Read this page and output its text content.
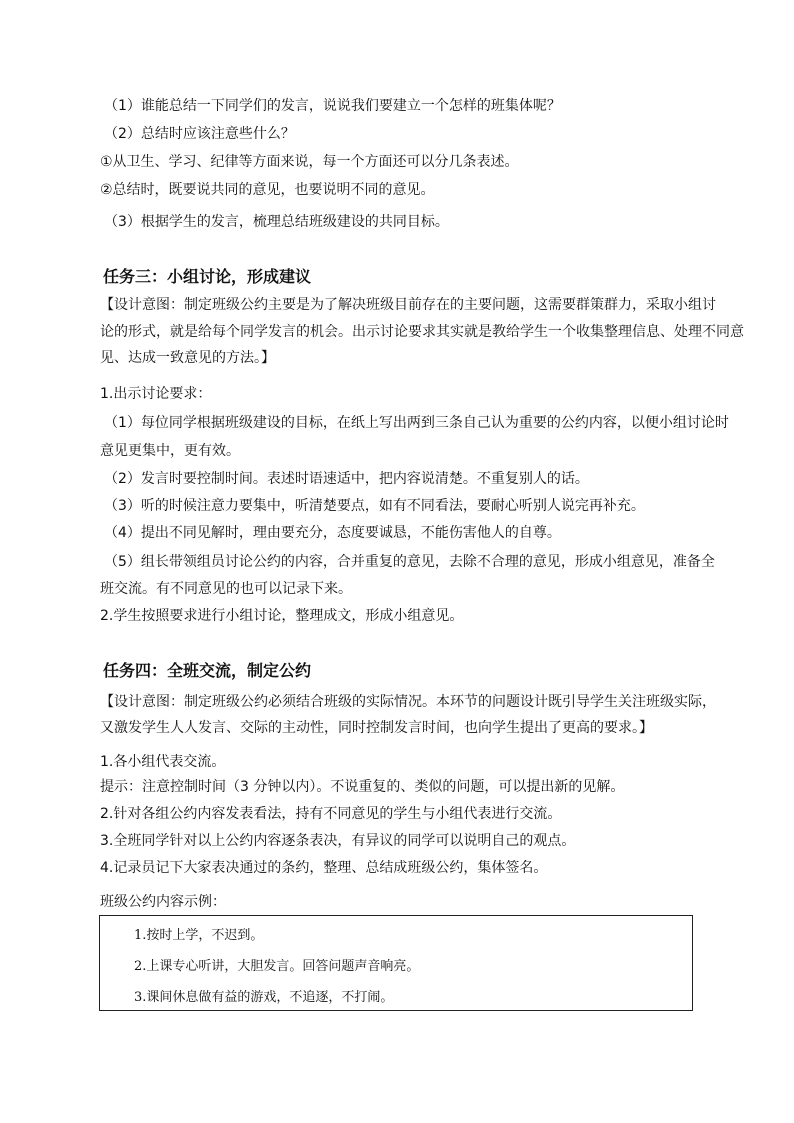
（1）谁能总结一下同学们的发言，说说我们要建立一个怎样的班集体呢？
（2）总结时应该注意些什么？
①从卫生、学习、纪律等方面来说，每一个方面还可以分几条表述。
②总结时，既要说共同的意见，也要说明不同的意见。
（3）根据学生的发言，梳理总结班级建设的共同目标。
任务三：小组讨论，形成建议
【设计意图：制定班级公约主要是为了解决班级目前存在的主要问题，这需要群策群力，采取小组讨
论的形式，就是给每个同学发言的机会。出示讨论要求其实就是教给学生一个收集整理信息、处理不同意
见、达成一致意见的方法。】
1.出示讨论要求：
（1）每位同学根据班级建设的目标，在纸上写出两到三条自己认为重要的公约内容，以便小组讨论时
意见更集中，更有效。
（2）发言时要控制时间。表述时语速适中，把内容说清楚。不重复别人的话。
（3）听的时候注意力要集中，听清楚要点，如有不同看法，要耐心听别人说完再补充。
（4）提出不同见解时，理由要充分，态度要诚恳，不能伤害他人的自尊。
（5）组长带领组员讨论公约的内容，合并重复的意见，去除不合理的意见，形成小组意见，准备全
班交流。有不同意见的也可以记录下来。
2.学生按照要求进行小组讨论，整理成文，形成小组意见。
任务四：全班交流，制定公约
【设计意图：制定班级公约必须结合班级的实际情况。本环节的问题设计既引导学生关注班级实际，
又激发学生人人发言、交际的主动性，同时控制发言时间，也向学生提出了更高的要求。】
1.各小组代表交流。
提示：注意控制时间（3 分钟以内）。不说重复的、类似的问题，可以提出新的见解。
2.针对各组公约内容发表看法，持有不同意见的学生与小组代表进行交流。
3.全班同学针对以上公约内容逐条表决，有异议的同学可以说明自己的观点。
4.记录员记下大家表决通过的条约，整理、总结成班级公约，集体签名。
班级公约内容示例：
1.按时上学，不迟到。
2.上课专心听讲，大胆发言。回答问题声音响亮。
3.课间休息做有益的游戏，不追逐，不打闹。
